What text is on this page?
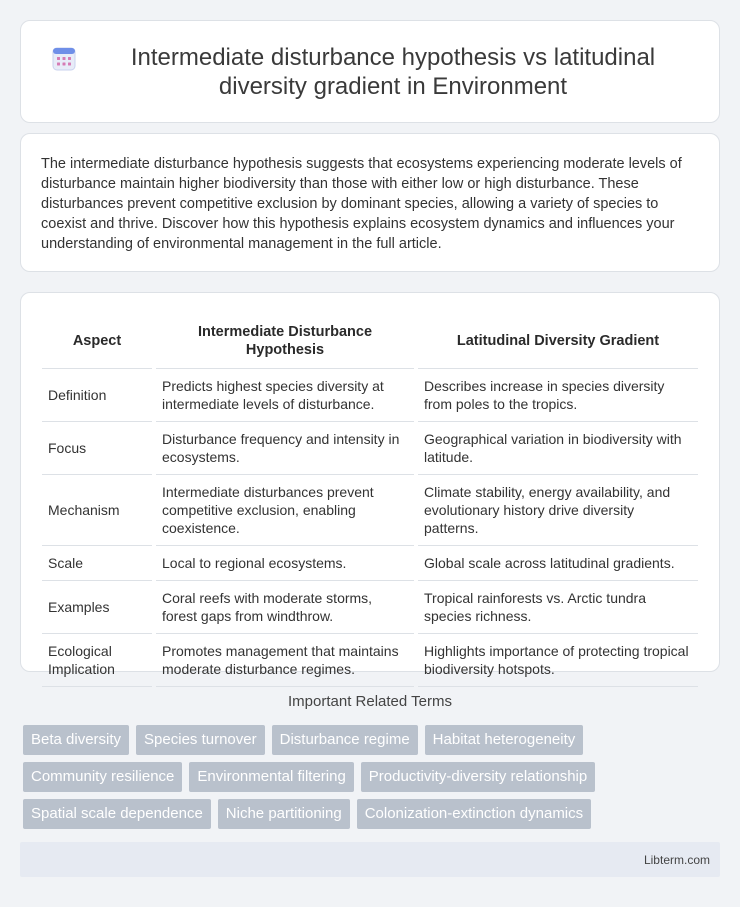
Intermediate disturbance hypothesis vs latitudinal diversity gradient in Environment

The intermediate disturbance hypothesis suggests that ecosystems experiencing moderate levels of disturbance maintain higher biodiversity than those with either low or high disturbance. These disturbances prevent competitive exclusion by dominant species, allowing a variety of species to coexist and thrive. Discover how this hypothesis explains ecosystem dynamics and influences your understanding of environmental management in the full article.

Aspect		Intermediate Disturbance Hypothesis		Latitudinal Diversity Gradient
Definition		Predicts highest species diversity at intermediate levels of disturbance.		Describes increase in species diversity from poles to the tropics.
Focus		Disturbance frequency and intensity in ecosystems.		Geographical variation in biodiversity with latitude.
Mechanism		Intermediate disturbances prevent competitive exclusion, enabling coexistence.		Climate stability, energy availability, and evolutionary history drive diversity patterns.
Scale		Local to regional ecosystems.		Global scale across latitudinal gradients.
Examples		Coral reefs with moderate storms, forest gaps from windthrow.		Tropical rainforests vs. Arctic tundra species richness.
Ecological Implication		Promotes management that maintains moderate disturbance regimes.		Highlights importance of protecting tropical biodiversity hotspots.
Important Related Terms
Beta diversity	Species turnover	Disturbance regime	Habitat heterogeneity
Community resilience	Environmental filtering	Productivity-diversity relationship
Spatial scale dependence	Niche partitioning	Colonization-extinction dynamics
Libterm.com
